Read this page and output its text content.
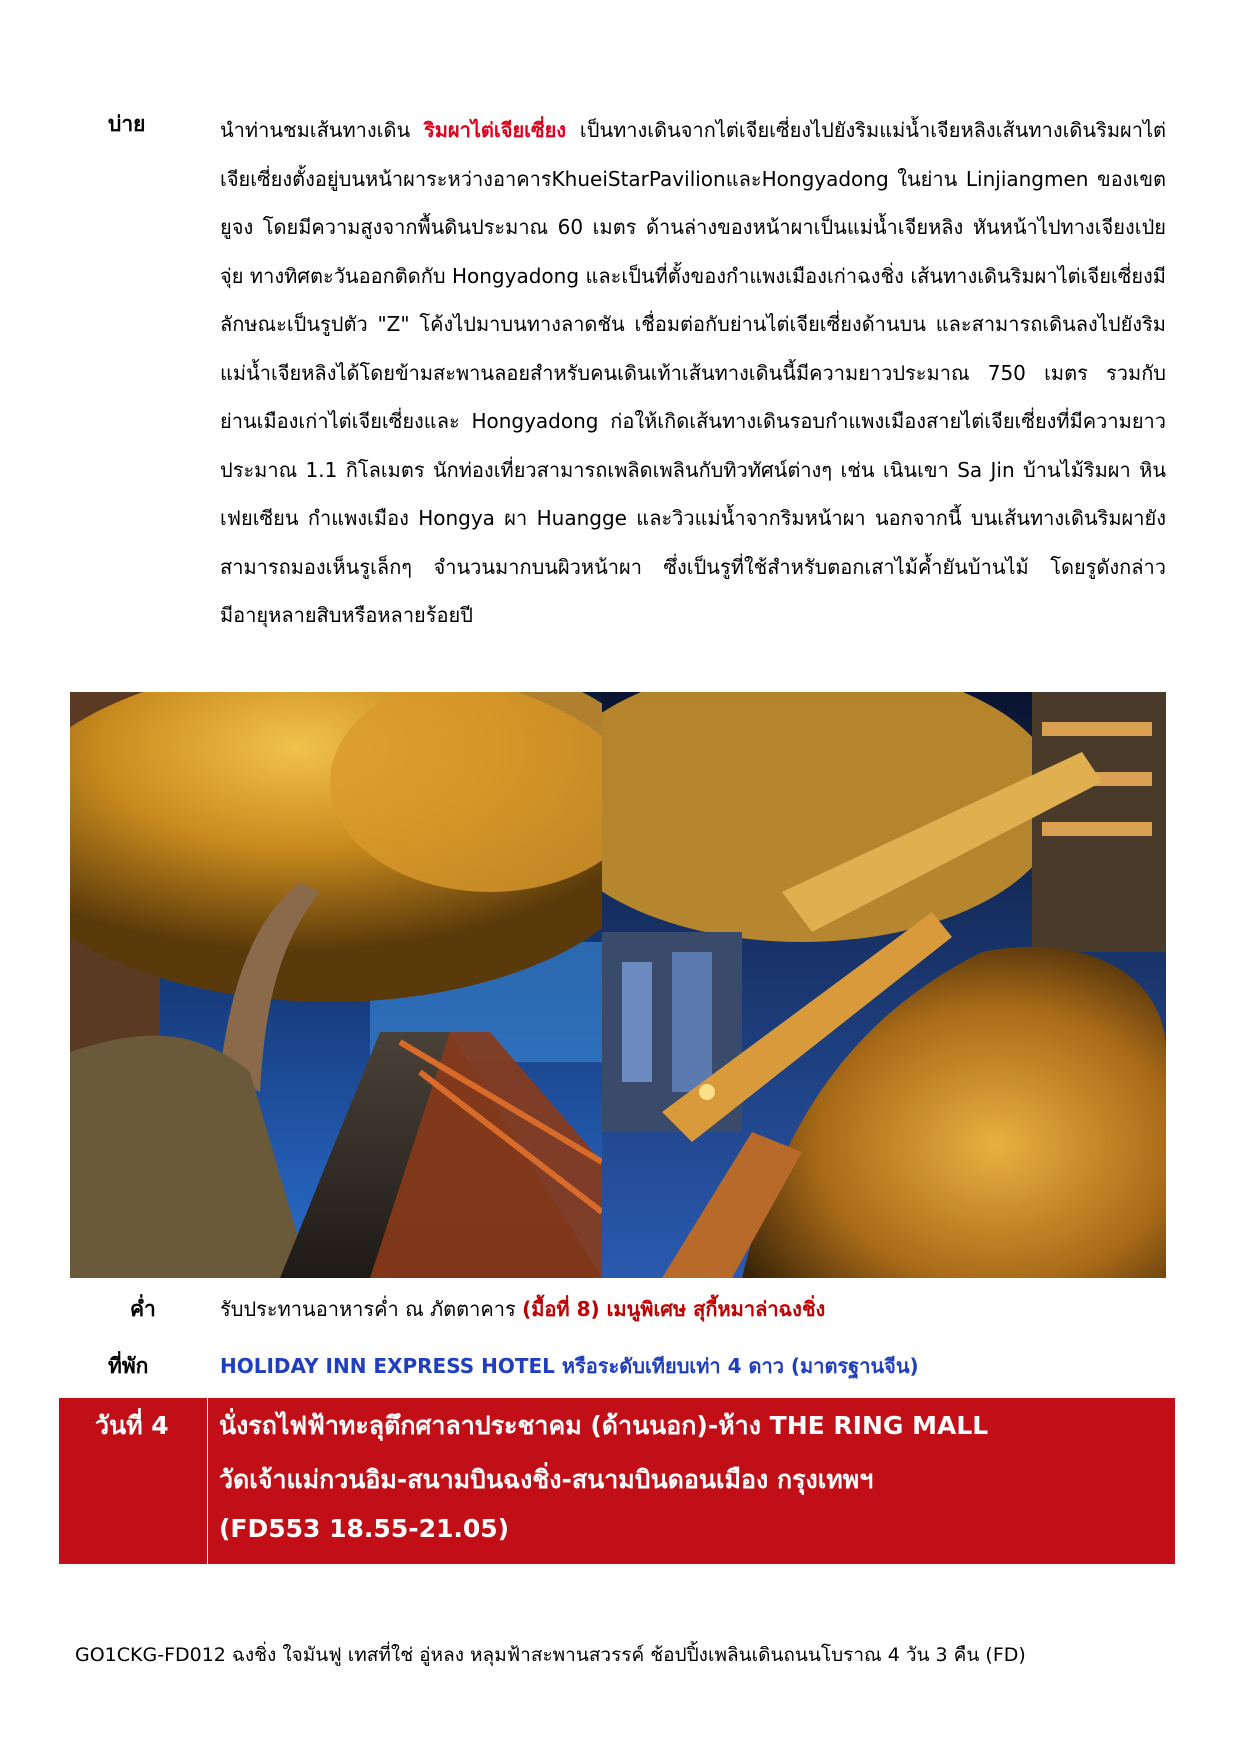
บ่าย	นำท่านชมเส้นทางเดิน ริมผาไต่เจียเซี่ยง เป็นทางเดินจากไต่เจียเซี่ยงไปยังริมแม่น้ำเจียหลิงเส้นทางเดินริมผาไต่เจียเซี่ยงตั้งอยู่บนหน้าผาระหว่างอาคารKhueiStarPavilionและHongyadong ในย่าน Linjiangmen ของเขตยูจง โดยมีความสูงจากพื้นดินประมาณ 60 เมตร ด้านล่างของหน้าผาเป็นแม่น้ำเจียหลิง หันหน้าไปทางเจียงเป่ยจุ่ย ทางทิศตะวันออกติดกับ Hongyadong และเป็นที่ตั้งของกำแพงเมืองเก่าฉงชิ่ง เส้นทางเดินริมผาไต่เจียเซี่ยงมีลักษณะเป็นรูปตัว "Z" โค้งไปมาบนทางลาดชัน เชื่อมต่อกับย่านไต่เจียเซี่ยงด้านบน และสามารถเดินลงไปยังริมแม่น้ำเจียหลิงได้โดยข้ามสะพานลอยสำหรับคนเดินเท้าเส้นทางเดินนี้มีความยาวประมาณ 750 เมตร รวมกับย่านเมืองเก่าไต่เจียเซี่ยงและ Hongyadong ก่อให้เกิดเส้นทางเดินรอบกำแพงเมืองสายไต่เจียเซี่ยงที่มีความยาวประมาณ 1.1 กิโลเมตร นักท่องเที่ยวสามารถเพลิดเพลินกับทิวทัศน์ต่างๆ เช่น เนินเขา Sa Jin บ้านไม้ริมผา หินเฟยเซียน กำแพงเมือง Hongya ผา Huangge และวิวแม่น้ำจากริมหน้าผา นอกจากนี้ บนเส้นทางเดินริมผายังสามารถมองเห็นรูเล็กๆ จำนวนมากบนผิวหน้าผา ซึ่งเป็นรูที่ใช้สำหรับตอกเสาไม้ค้ำยันบ้านไม้ โดยรูดังกล่าวมีอายุหลายสิบหรือหลายร้อยปี

ค่ำ	รับประทานอาหารค่ำ ณ ภัตตาคาร (มื้อที่ 8) เมนูพิเศษ สุกี้หมาล่าฉงชิ่ง
ที่พัก	HOLIDAY INN EXPRESS HOTEL หรือระดับเทียบเท่า 4 ดาว (มาตรฐานจีน)
วันที่ 4 นั่งรถไฟฟ้าทะลุตึกศาลาประชาคม (ด้านนอก)-ห้าง THE RING MALL
วัดเจ้าแม่กวนอิม-สนามบินฉงชิ่ง-สนามบินดอนเมือง กรุงเทพฯ
(FD553 18.55-21.05)
GO1CKG-FD012 ฉงชิ่ง ใจมันฟู เทสที่ใช่ อู่หลง หลุมฟ้าสะพานสวรรค์ ช้อปปิ้งเพลินเดินถนนโบราณ 4 วัน 3 คืน (FD)
